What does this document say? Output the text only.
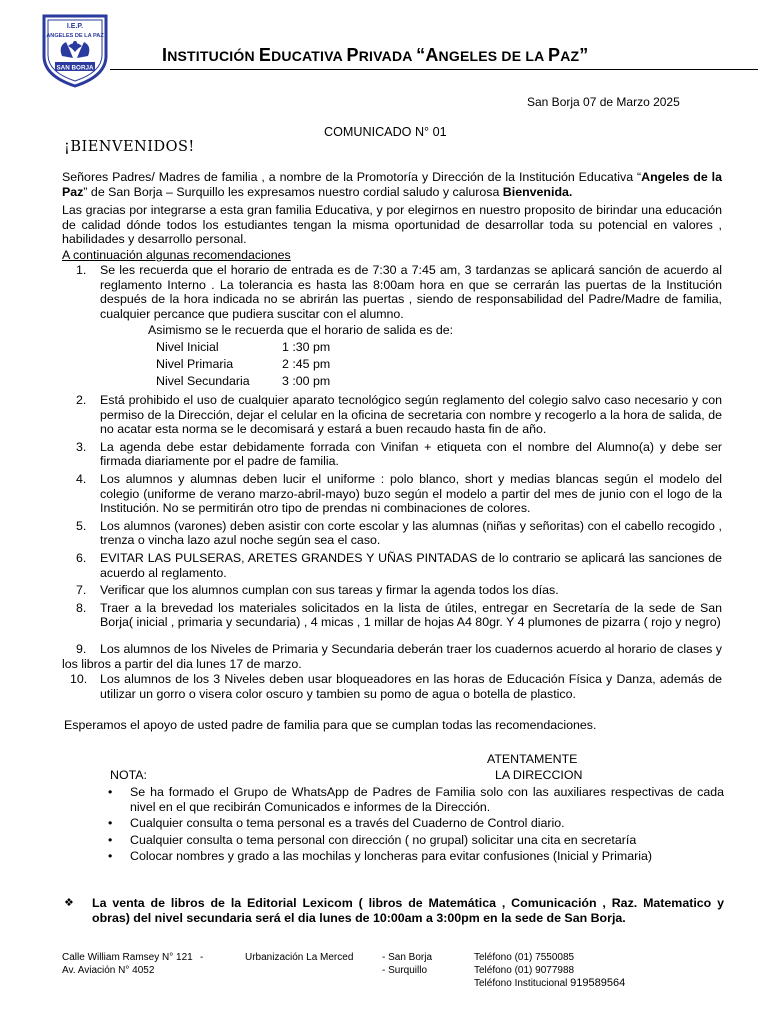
I.E.P.
ANGELES DE LA PAZ
SAN BORJA
INSTITUCIÓN EDUCATIVA PRIVADA “ANGELES DE LA PAZ”
San Borja 07 de Marzo 2025
COMUNICADO N° 01
¡BIENVENIDOS!
Señores Padres/ Madres de familia , a nombre de la Promotoría y Dirección de la Institución Educativa “Angeles de la Paz” de San Borja – Surquillo les expresamos nuestro cordial saludo y calurosa Bienvenida.
Las gracias por integrarse a esta gran familia Educativa, y por elegirnos en nuestro proposito de birindar una educación de calidad dónde todos los estudiantes tengan la misma oportunidad de desarrollar toda su potencial en valores , habilidades y desarrollo personal.
A continuación algunas recomendaciones
1. Se les recuerda que el horario de entrada es de 7:30 a 7:45 am, 3 tardanzas se aplicará sanción de acuerdo al reglamento Interno . La tolerancia es hasta las 8:00am hora en que se cerrarán las puertas de la Institución después de la hora indicada no se abrirán las puertas , siendo de responsabilidad del Padre/Madre de familia, cualquier percance que pudiera suscitar con el alumno.
Asimismo se le recuerda que el horario de salida es de:
Nivel Inicial	1 :30 pm
Nivel Primaria	2 :45 pm
Nivel Secundaria	3 :00 pm
2. Está prohibido el uso de cualquier aparato tecnológico según reglamento del colegio salvo caso necesario y con permiso de la Dirección, dejar el celular en la oficina de secretaria con nombre y recogerlo a la hora de salida, de no acatar esta norma se le decomisará y estará a buen recaudo hasta fin de año.
3. La agenda debe estar debidamente forrada con Vinifan + etiqueta con el nombre del Alumno(a) y debe ser firmada diariamente por el padre de familia.
4. Los alumnos y alumnas deben lucir el uniforme : polo blanco, short y medias blancas según el modelo del colegio (uniforme de verano marzo-abril-mayo) buzo según el modelo a partir del mes de junio con el logo de la Institución. No se permitirán otro tipo de prendas ni combinaciones de colores.
5. Los alumnos (varones) deben asistir con corte escolar y las alumnas (niñas y señoritas) con el cabello recogido , trenza o vincha lazo azul noche según sea el caso.
6. EVITAR LAS PULSERAS, ARETES GRANDES Y UÑAS PINTADAS de lo contrario se aplicará las sanciones de acuerdo al reglamento.
7. Verificar que los alumnos cumplan con sus tareas y firmar la agenda todos los días.
8. Traer a la brevedad los materiales solicitados en la lista de útiles, entregar en Secretaría de la sede de San Borja( inicial , primaria y secundaria) , 4 micas , 1 millar de hojas A4 80gr. Y 4 plumones de pizarra ( rojo y negro)
9. Los alumnos de los Niveles de Primaria y Secundaria deberán traer los cuadernos acuerdo al horario de clases y los libros a partir del dia lunes 17 de marzo.
10. Los alumnos de los 3 Niveles deben usar bloqueadores en las horas de Educación Física y Danza, además de utilizar un gorro o visera color oscuro y tambien su pomo de agua o botella de plastico.
Esperamos el apoyo de usted padre de familia para que se cumplan todas las recomendaciones.
ATENTAMENTE
LA DIRECCION
NOTA:
• Se ha formado el Grupo de WhatsApp de Padres de Familia solo con las auxiliares respectivas de cada nivel en el que recibirán Comunicados e informes de la Dirección.
• Cualquier consulta o tema personal es a través del Cuaderno de Control diario.
• Cualquier consulta o tema personal con dirección ( no grupal) solicitar una cita en secretaría
• Colocar nombres y grado a las mochilas y loncheras para evitar confusiones (Inicial y Primaria)
❖	La venta de libros de la Editorial Lexicom ( libros de Matemática , Comunicación , Raz. Matematico y obras) del nivel secundaria será el dia lunes de 10:00am a 3:00pm en la sede de San Borja.
Calle William Ramsey N° 121
Av. Aviación N° 4052
-	Urbanización La Merced	- San Borja
- Surquillo
Teléfono (01) 7550085
Teléfono (01) 9077988
Teléfono Institucional 919589564
